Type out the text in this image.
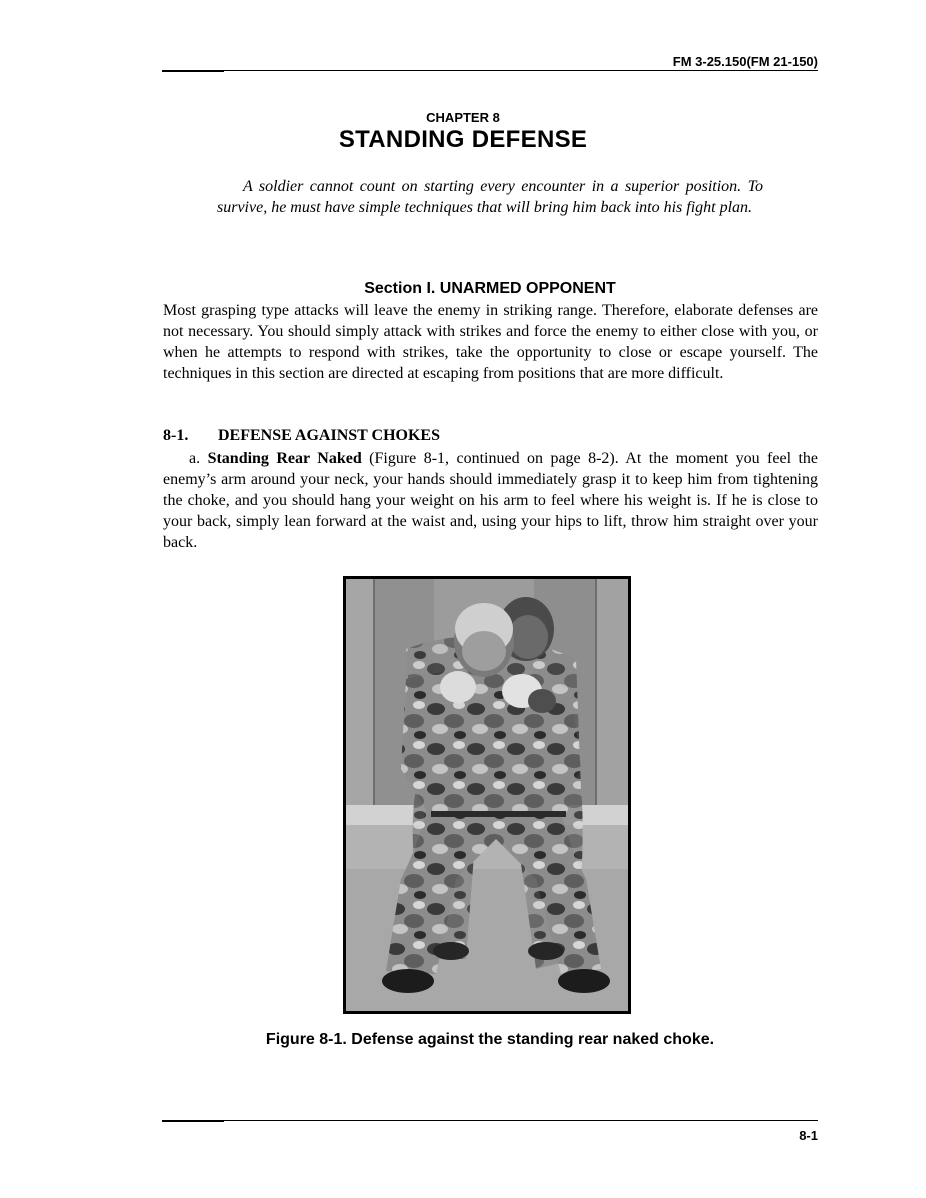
FM 3-25.150(FM 21-150)
CHAPTER 8
STANDING DEFENSE

A soldier cannot count on starting every encounter in a superior position. To survive, he must have simple techniques that will bring him back into his fight plan.

Section I. UNARMED OPPONENT

Most grasping type attacks will leave the enemy in striking range. Therefore, elaborate defenses are not necessary. You should simply attack with strikes and force the enemy to either close with you, or when he attempts to respond with strikes, take the opportunity to close or escape yourself. The techniques in this section are directed at escaping from positions that are more difficult.

8-1. DEFENSE AGAINST CHOKES

a. Standing Rear Naked (Figure 8-1, continued on page 8-2). At the moment you feel the enemy’s arm around your neck, your hands should immediately grasp it to keep him from tightening the choke, and you should hang your weight on his arm to feel where his weight is. If he is close to your back, simply lean forward at the waist and, using your hips to lift, throw him straight over your back.

Figure 8-1. Defense against the standing rear naked choke.
8-1
